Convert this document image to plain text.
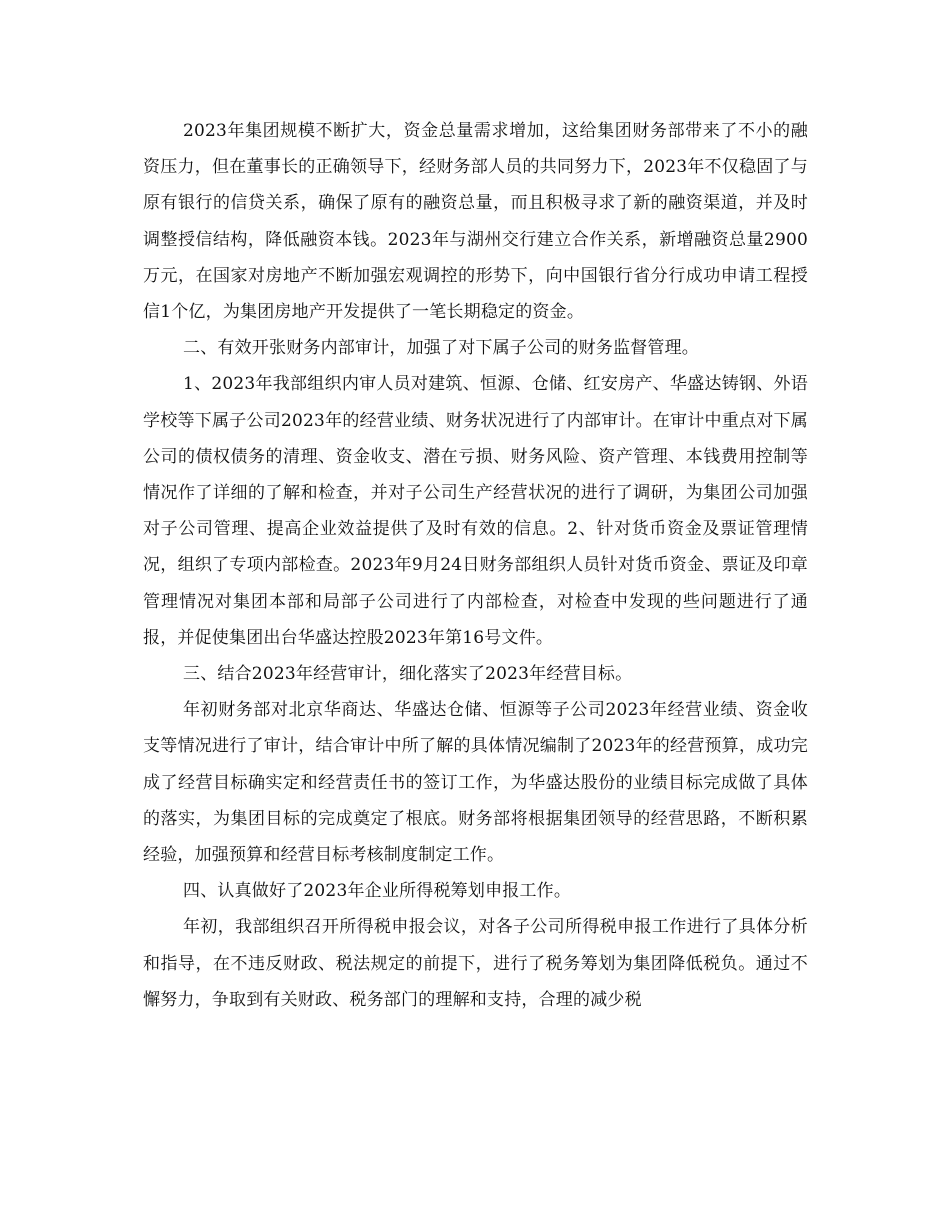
2023年集团规模不断扩大，资金总量需求增加，这给集团财务部带来了不小的融资压力，但在董事长的正确领导下，经财务部人员的共同努力下，2023年不仅稳固了与原有银行的信贷关系，确保了原有的融资总量，而且积极寻求了新的融资渠道，并及时调整授信结构，降低融资本钱。2023年与湖州交行建立合作关系，新增融资总量2900万元，在国家对房地产不断加强宏观调控的形势下，向中国银行省分行成功申请工程授信1个亿，为集团房地产开发提供了一笔长期稳定的资金。

二、有效开张财务内部审计，加强了对下属子公司的财务监督管理。

1、2023年我部组织内审人员对建筑、恒源、仓储、红安房产、华盛达铸钢、外语学校等下属子公司2023年的经营业绩、财务状况进行了内部审计。在审计中重点对下属公司的债权债务的清理、资金收支、潜在亏损、财务风险、资产管理、本钱费用控制等情况作了详细的了解和检查，并对子公司生产经营状况的进行了调研，为集团公司加强对子公司管理、提高企业效益提供了及时有效的信息。2、针对货币资金及票证管理情况，组织了专项内部检查。2023年9月24日财务部组织人员针对货币资金、票证及印章管理情况对集团本部和局部子公司进行了内部检查，对检查中发现的些问题进行了通报，并促使集团出台华盛达控股2023年第16号文件。

三、结合2023年经营审计，细化落实了2023年经营目标。

年初财务部对北京华商达、华盛达仓储、恒源等子公司2023年经营业绩、资金收支等情况进行了审计，结合审计中所了解的具体情况编制了2023年的经营预算，成功完成了经营目标确实定和经营责任书的签订工作，为华盛达股份的业绩目标完成做了具体的落实，为集团目标的完成奠定了根底。财务部将根据集团领导的经营思路，不断积累经验，加强预算和经营目标考核制度制定工作。

四、认真做好了2023年企业所得税筹划申报工作。

年初，我部组织召开所得税申报会议，对各子公司所得税申报工作进行了具体分析和指导，在不违反财政、税法规定的前提下，进行了税务筹划为集团降低税负。通过不懈努力，争取到有关财政、税务部门的理解和支持，合理的减少税
